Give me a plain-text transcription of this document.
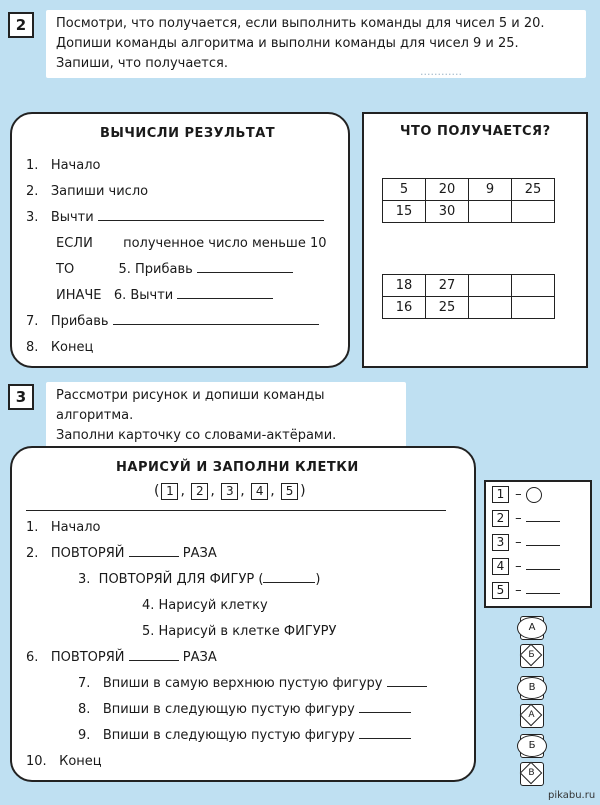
2	Посмотри, что получается, если выполнить команды для чисел 5 и 20.
Допиши команды алгоритма и выполни команды для чисел 9 и 25.
Запиши, что получается.
············
ВЫЧИСЛИ РЕЗУЛЬТАТ
1. Начало
2. Запиши число
3. Вычти
ЕСЛИ полученное число меньше 10
ТО	5. Прибавь
ИНАЧЕ 6. Вычти
7. Прибавь
8. Конец
ЧТО ПОЛУЧАЕТСЯ?
5	20	9	25
15	30		
18	27		
16	25		
3	Рассмотри рисунок и допиши команды алгоритма.
Заполни карточку со словами-актёрами.
НАРИСУЙ И ЗАПОЛНИ КЛЕТКИ
( 1 , 2 , 3 , 4 , 5 )
1. Начало
2. ПОВТОРЯЙ	РАЗА
3. ПОВТОРЯЙ ДЛЯ ФИГУР (	)
4. Нарисуй клетку
5. Нарисуй в клетке ФИГУРУ
6. ПОВТОРЯЙ	РАЗА
7. Впиши в самую верхнюю пустую фигуру
8. Впиши в следующую пустую фигуру
9. Впиши в следующую пустую фигуру
10. Конец
1 –
2 –
3 –
4 –
5 –
А
Б
В
А
Б
В
pikabu.ru
